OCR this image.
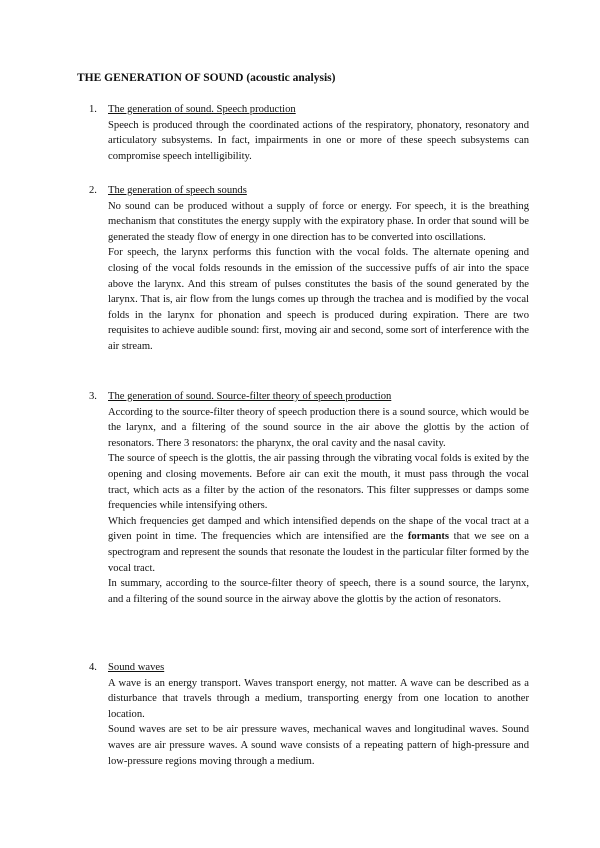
THE GENERATION OF SOUND (acoustic analysis)
1. The generation of sound. Speech production

Speech is produced through the coordinated actions of the respiratory, phonatory, resonatory and articulatory subsystems. In fact, impairments in one or more of these speech subsystems can compromise speech intelligibility.

2. The generation of speech sounds

No sound can be produced without a supply of force or energy. For speech, it is the breathing mechanism that constitutes the energy supply with the expiratory phase. In order that sound will be generated the steady flow of energy in one direction has to be converted into oscillations.

For speech, the larynx performs this function with the vocal folds. The alternate opening and closing of the vocal folds resounds in the emission of the successive puffs of air into the space above the larynx. And this stream of pulses constitutes the basis of the sound generated by the larynx. That is, air flow from the lungs comes up through the trachea and is modified by the vocal folds in the larynx for phonation and speech is produced during expiration. There are two requisites to achieve audible sound: first, moving air and second, some sort of interference with the air stream.

3. The generation of sound. Source-filter theory of speech production

According to the source-filter theory of speech production there is a sound source, which would be the larynx, and a filtering of the sound source in the air above the glottis by the action of resonators. There 3 resonators: the pharynx, the oral cavity and the nasal cavity.

The source of speech is the glottis, the air passing through the vibrating vocal folds is exited by the opening and closing movements. Before air can exit the mouth, it must pass through the vocal tract, which acts as a filter by the action of the resonators. This filter suppresses or damps some frequencies while intensifying others.

Which frequencies get damped and which intensified depends on the shape of the vocal tract at a given point in time. The frequencies which are intensified are the formants that we see on a spectrogram and represent the sounds that resonate the loudest in the particular filter formed by the vocal tract.

In summary, according to the source-filter theory of speech, there is a sound source, the larynx, and a filtering of the sound source in the airway above the glottis by the action of resonators.

4. Sound waves

A wave is an energy transport. Waves transport energy, not matter. A wave can be described as a disturbance that travels through a medium, transporting energy from one location to another location.

Sound waves are set to be air pressure waves, mechanical waves and longitudinal waves. Sound waves are air pressure waves. A sound wave consists of a repeating pattern of high-pressure and low-pressure regions moving through a medium.
